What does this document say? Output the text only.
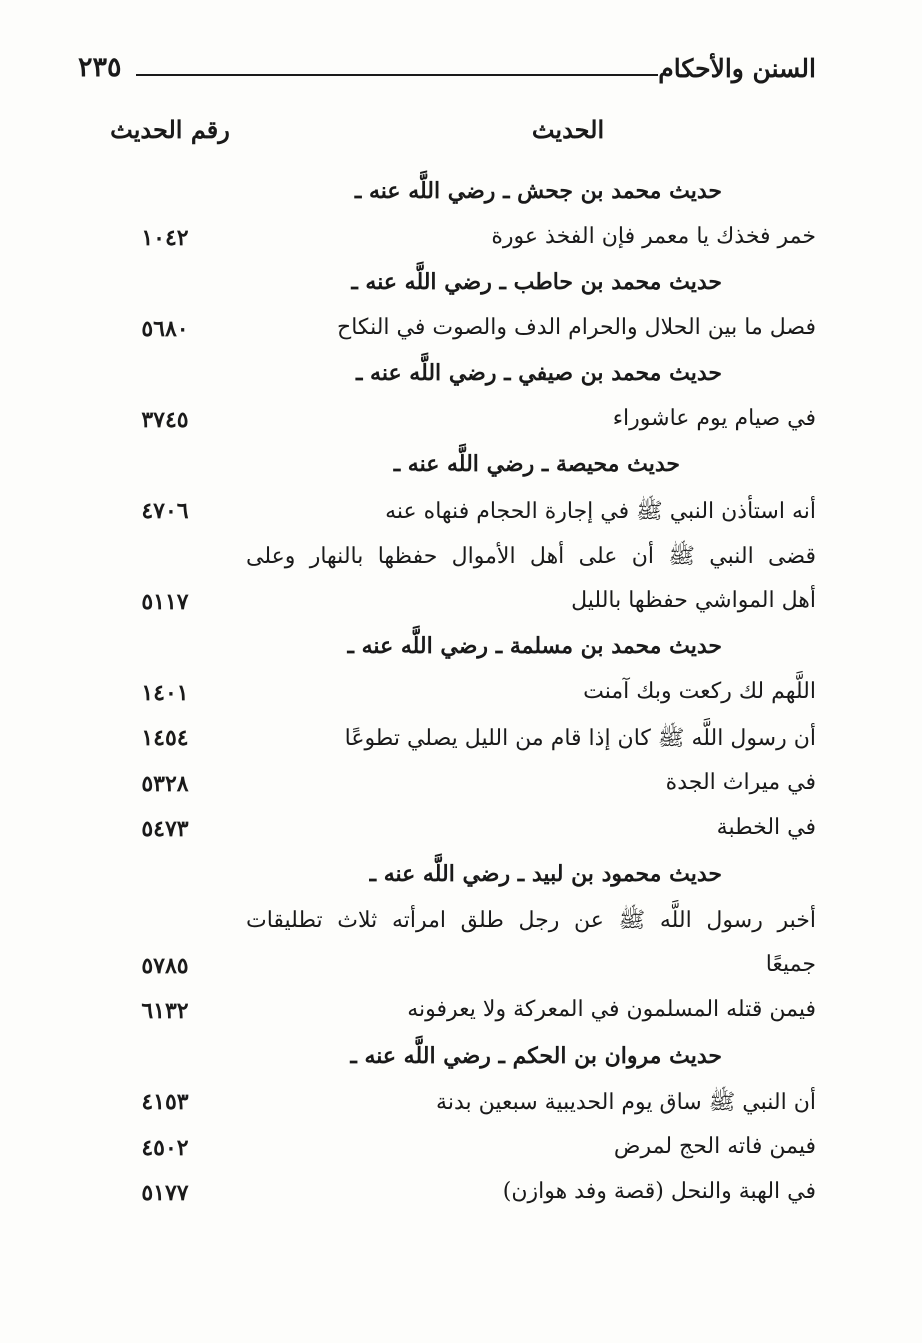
السنن والأحكام
٢٣٥
الحديث
رقم الحديث
حديث محمد بن جحش ـ رضي اللَّه عنه ـ
خمر فخذك يا معمر فإن الفخذ عورة
١٠٤٢
حديث محمد بن حاطب ـ رضي اللَّه عنه ـ
فصل ما بين الحلال والحرام الدف والصوت في النكاح
٥٦٨٠
حديث محمد بن صيفي ـ رضي اللَّه عنه ـ
في صيام يوم عاشوراء
٣٧٤٥
حديث محيصة ـ رضي اللَّه عنه ـ
أنه استأذن النبي ﷺ في إجارة الحجام فنهاه عنه
٤٧٠٦
قضى النبي ﷺ أن على أهل الأموال حفظها بالنهار وعلى
أهل المواشي حفظها بالليل
٥١١٧
حديث محمد بن مسلمة ـ رضي اللَّه عنه ـ
اللَّهم لك ركعت وبك آمنت
١٤٠١
أن رسول اللَّه ﷺ كان إذا قام من الليل يصلي تطوعًا
١٤٥٤
في ميراث الجدة
٥٣٢٨
في الخطبة
٥٤٧٣
حديث محمود بن لبيد ـ رضي اللَّه عنه ـ
أخبر رسول اللَّه ﷺ عن رجل طلق امرأته ثلاث تطليقات
جميعًا
٥٧٨٥
فيمن قتله المسلمون في المعركة ولا يعرفونه
٦١٣٢
حديث مروان بن الحكم ـ رضي اللَّه عنه ـ
أن النبي ﷺ ساق يوم الحديبية سبعين بدنة
٤١٥٣
فيمن فاته الحج لمرض
٤٥٠٢
في الهبة والنحل (قصة وفد هوازن)
٥١٧٧
